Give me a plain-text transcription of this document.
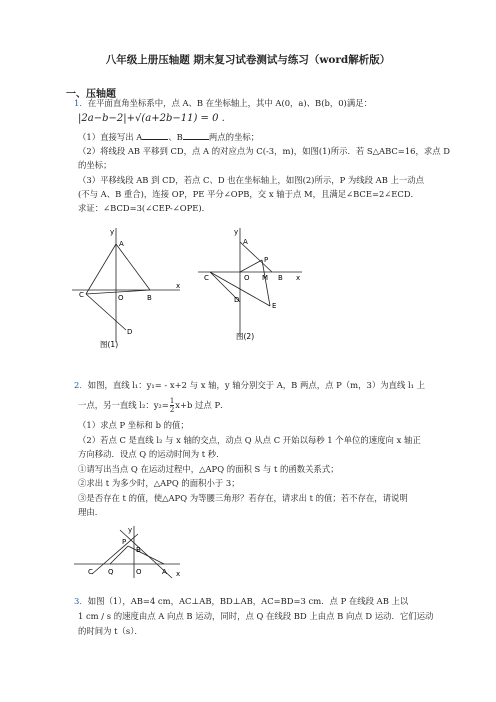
八年级上册压轴题 期末复习试卷测试与练习（word解析版）
一、压轴题
1．在平面直角坐标系中，点 A、B 在坐标轴上，其中 A(0，a)、B(b，0)满足：
|2a−b−2|+√(a+2b−11) = 0 .
（1）直接写出 A	、B	两点的坐标；
（2）将线段 AB 平移到 CD，点 A 的对应点为 C(-3，m)，如图(1)所示．若 S△ABC=16，求点 D
的坐标；
（3）平移线段 AB 到 CD，若点 C、D 也在坐标轴上，如图(2)所示，P 为线段 AB 上一动点
(不与 A、B 重合)，连接 OP，PE 平分∠OPB，交 x 轴于点 M，且满足∠BCE=2∠ECD．
求证：∠BCD=3(∠CEP-∠OPE)．
y
x
O
A
B
C
D
图(1)
y
x
O
A
B
C
D
P
E
M
图(2)
2．如图，直线 l₁：y₁= - x+2 与 x 轴，y 轴分别交于 A，B 两点，点 P（m，3）为直线 l₁ 上
一点，另一直线 l₂：$y_2= \frac{1}{2} x+b$ 过点 P．
（1）求点 P 坐标和 b 的值；
（2）若点 C 是直线 l₂ 与 x 轴的交点，动点 Q 从点 C 开始以每秒 1 个单位的速度向 x 轴正
方向移动．设点 Q 的运动时间为 t 秒．
①请写出当点 Q 在运动过程中，△APQ 的面积 S 与 t 的函数关系式；
②求出 t 为多少时，△APQ 的面积小于 3；
③是否存在 t 的值，使△APQ 为等腰三角形？若存在，请求出 t 的值；若不存在，请说明
理由．
y
x
C Q	O	A
P
B
3．如图（1），AB=4 cm，AC⊥AB，BD⊥AB，AC=BD=3 cm．点 P 在线段 AB 上以
1 cm / s 的速度由点 A 向点 B 运动，同时，点 Q 在线段 BD 上由点 B 向点 D 运动．它们运动
的时间为 t（s）．
